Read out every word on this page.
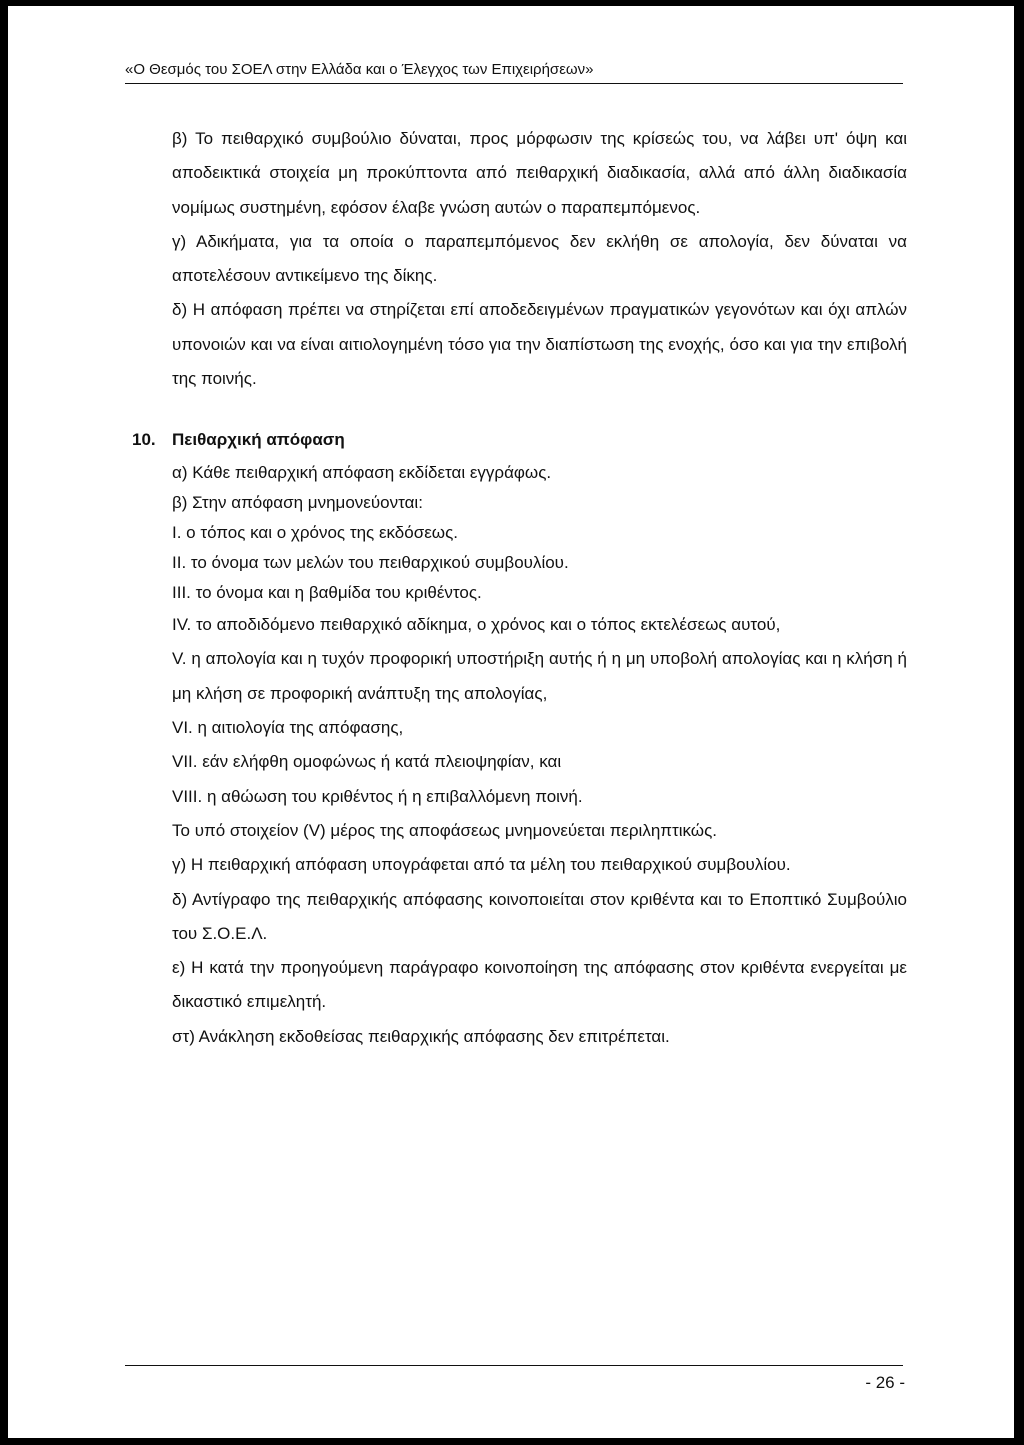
«Ο Θεσμός του ΣΟΕΛ στην Ελλάδα και ο Έλεγχος των Επιχειρήσεων»

β) Το πειθαρχικό συμβούλιο δύναται, προς μόρφωσιν της κρίσεώς του, να λάβει υπ' όψη και αποδεικτικά στοιχεία μη προκύπτοντα από πειθαρχική διαδικασία, αλλά από άλλη διαδικασία νομίμως συστημένη, εφόσον έλαβε γνώση αυτών ο παραπεμπόμενος.

γ) Αδικήματα, για τα οποία ο παραπεμπόμενος δεν εκλήθη σε απολογία, δεν δύναται να αποτελέσουν αντικείμενο της δίκης.

δ) Η απόφαση πρέπει να στηρίζεται επί αποδεδειγμένων πραγματικών γεγονότων και όχι απλών υπονοιών και να είναι αιτιολογημένη τόσο για την διαπίστωση της ενοχής, όσο και για την επιβολή της ποινής.

10. Πειθαρχική απόφαση

α) Κάθε πειθαρχική απόφαση εκδίδεται εγγράφως.

β) Στην απόφαση μνημονεύονται:

I. ο τόπος και ο χρόνος της εκδόσεως.

II. το όνομα των μελών του πειθαρχικού συμβουλίου.

III. το όνομα και η βαθμίδα του κριθέντος.

IV. το αποδιδόμενο πειθαρχικό αδίκημα, ο χρόνος και ο τόπος εκτελέσεως αυτού,

V. η απολογία και η τυχόν προφορική υποστήριξη αυτής ή η μη υποβολή απολογίας και η κλήση ή μη κλήση σε προφορική ανάπτυξη της απολογίας,

VI. η αιτιολογία της απόφασης,

VII. εάν ελήφθη ομοφώνως ή κατά πλειοψηφίαν, και

VIII. η αθώωση του κριθέντος ή η επιβαλλόμενη ποινή.

Το υπό στοιχείον (V) μέρος της αποφάσεως μνημονεύεται περιληπτικώς.

γ) Η πειθαρχική απόφαση υπογράφεται από τα μέλη του πειθαρχικού συμβουλίου.

δ) Αντίγραφο της πειθαρχικής απόφασης κοινοποιείται στον κριθέντα και το Εποπτικό Συμβούλιο του Σ.Ο.Ε.Λ.

ε) Η κατά την προηγούμενη παράγραφο κοινοποίηση της απόφασης στον κριθέντα ενεργείται με δικαστικό επιμελητή.

στ) Ανάκληση εκδοθείσας πειθαρχικής απόφασης δεν επιτρέπεται.

- 26 -
